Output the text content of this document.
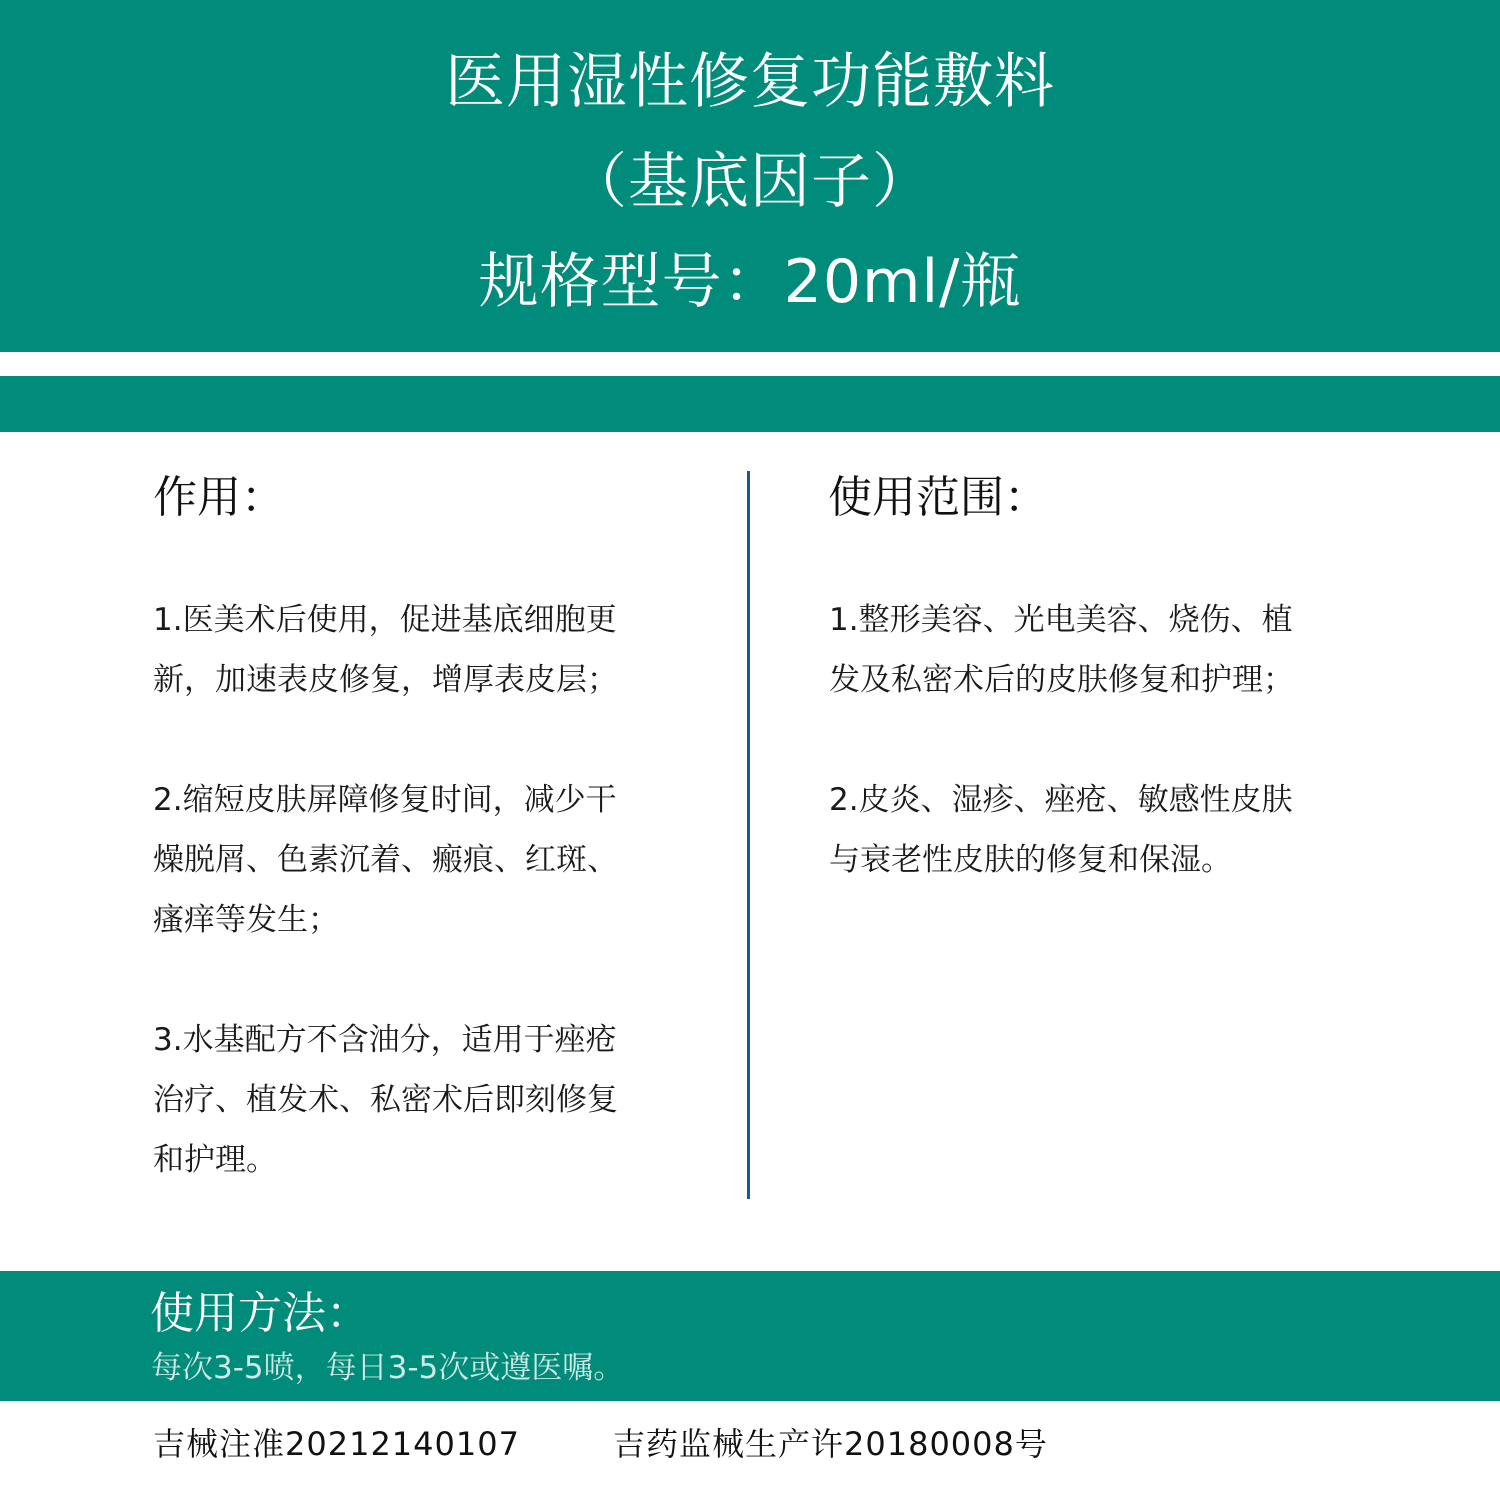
医用湿性修复功能敷料
（基底因子）
规格型号：20ml/瓶
作用：

1.医美术后使用，促进基底细胞更
新，加速表皮修复，增厚表皮层；

2.缩短皮肤屏障修复时间，减少干
燥脱屑、色素沉着、瘢痕、红斑、
瘙痒等发生；

3.水基配方不含油分，适用于痤疮
治疗、植发术、私密术后即刻修复
和护理。

使用范围：

1.整形美容、光电美容、烧伤、植
发及私密术后的皮肤修复和护理；

2.皮炎、湿疹、痤疮、敏感性皮肤
与衰老性皮肤的修复和保湿。

使用方法：
每次3-5喷，每日3-5次或遵医嘱。
吉械注准20212140107	吉药监械生产许20180008号
